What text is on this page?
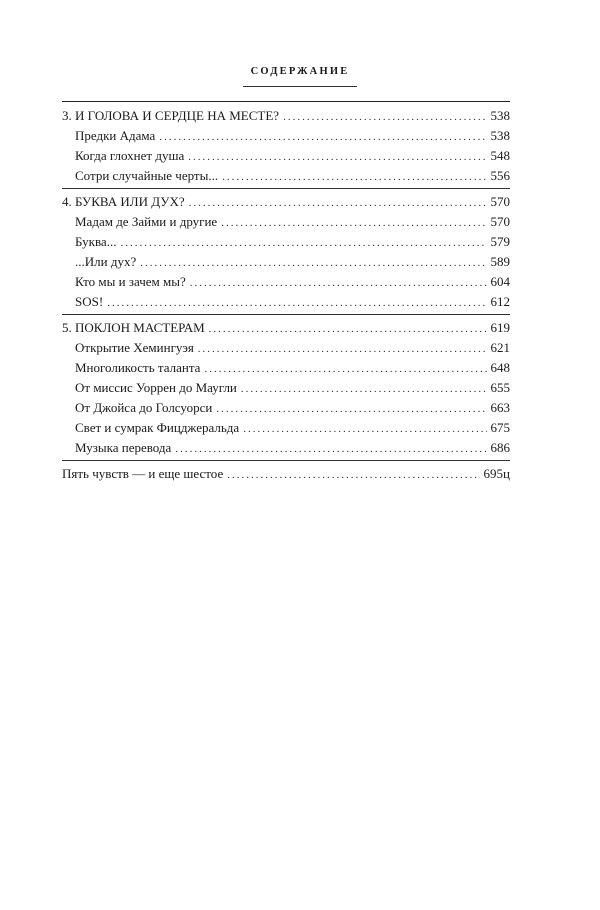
СОДЕРЖАНИЕ
3. И ГОЛОВА И СЕРДЦЕ НА МЕСТЕ? .....	538
Предки Адама .....	538
Когда глохнет душа .....	548
Сотри случайные черты... .....	556
4. БУКВА ИЛИ ДУХ? .....	570
Мадам де Займи и другие .....	570
Буква... .....	579
...Или дух? .....	589
Кто мы и зачем мы? .....	604
SOS! .....	612
5. ПОКЛОН МАСТЕРАМ .....	619
Открытие Хемингуэя .....	621
Многоликость таланта .....	648
От миссис Уоррен до Маугли .....	655
От Джойса до Голсуорси .....	663
Свет и сумрак Фицджеральда .....	675
Музыка перевода .....	686
Пять чувств — и еще шестое .....	695ц
